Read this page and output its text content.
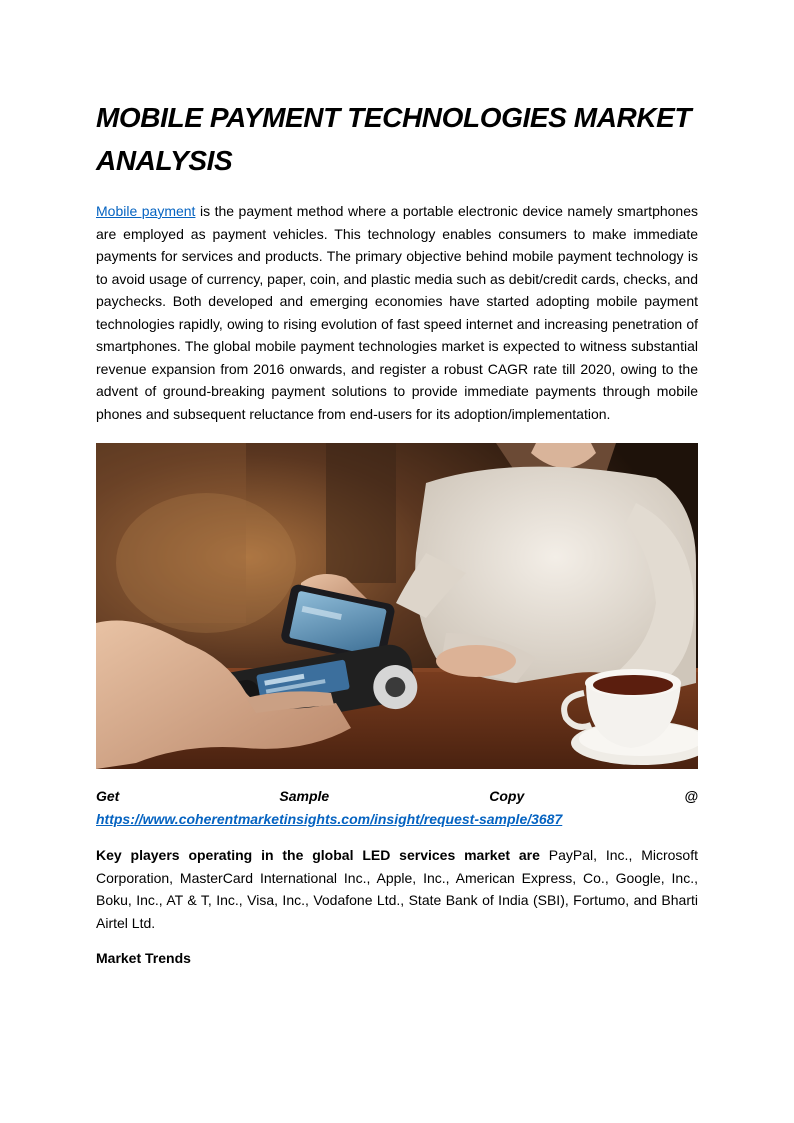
MOBILE PAYMENT TECHNOLOGIES MARKET ANALYSIS

Mobile payment is the payment method where a portable electronic device namely smartphones are employed as payment vehicles. This technology enables consumers to make immediate payments for services and products. The primary objective behind mobile payment technology is to avoid usage of currency, paper, coin, and plastic media such as debit/credit cards, checks, and paychecks. Both developed and emerging economies have started adopting mobile payment technologies rapidly, owing to rising evolution of fast speed internet and increasing penetration of smartphones. The global mobile payment technologies market is expected to witness substantial revenue expansion from 2016 onwards, and register a robust CAGR rate till 2020, owing to the advent of ground-breaking payment solutions to provide immediate payments through mobile phones and subsequent reluctance from end-users for its adoption/implementation.

Get Sample Copy @ https://www.coherentmarketinsights.com/insight/request-sample/3687

Key players operating in the global LED services market are PayPal, Inc., Microsoft Corporation, MasterCard International Inc., Apple, Inc., American Express, Co., Google, Inc., Boku, Inc., AT & T, Inc., Visa, Inc., Vodafone Ltd., State Bank of India (SBI), Fortumo, and Bharti Airtel Ltd.

Market Trends
